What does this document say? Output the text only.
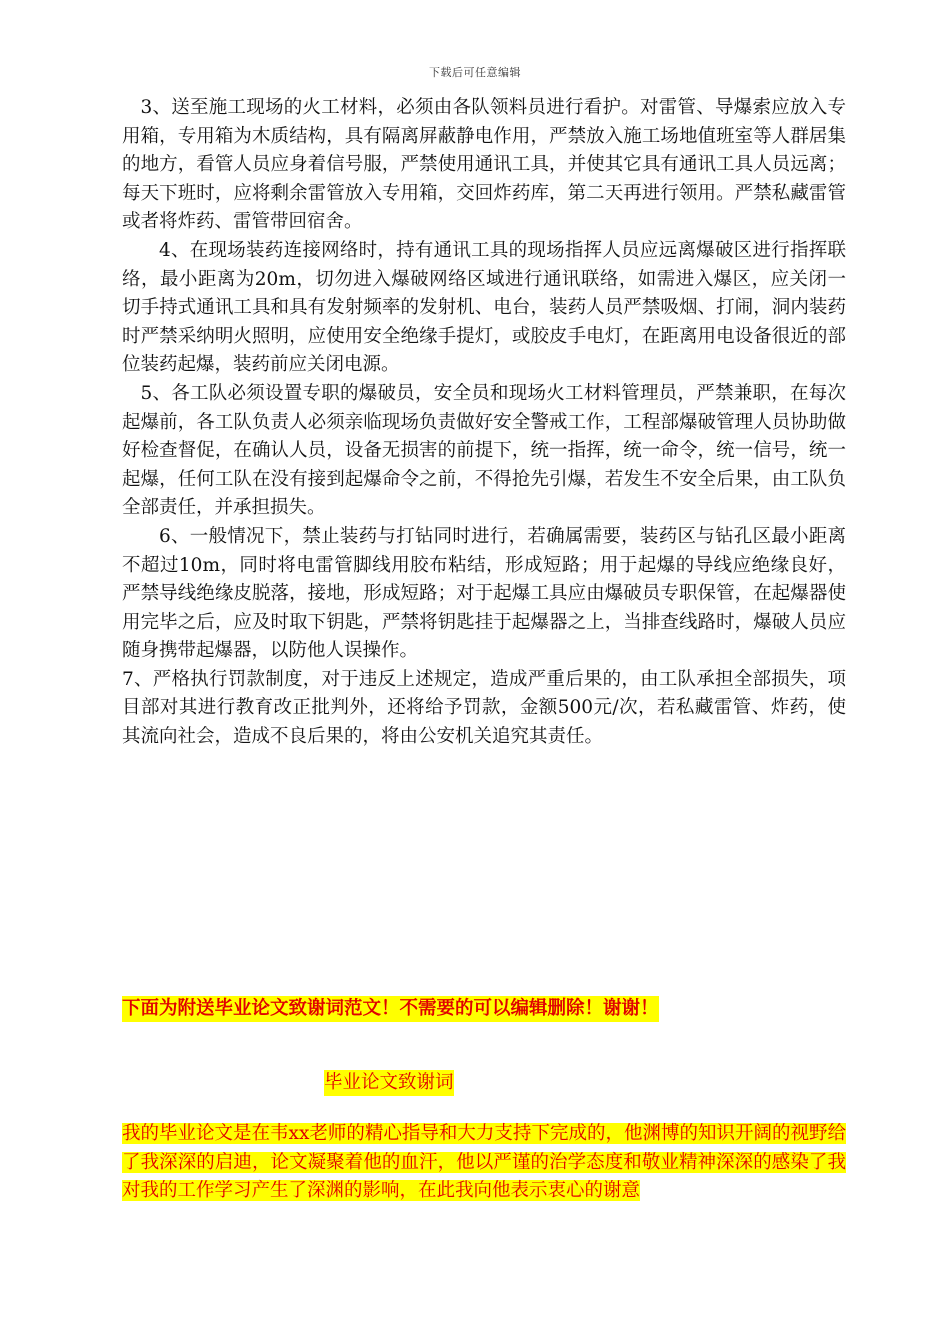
下载后可任意编辑

3、送至施工现场的火工材料，必须由各队领料员进行看护。对雷管、导爆索应放入专用箱，专用箱为木质结构，具有隔离屏蔽静电作用，严禁放入施工场地值班室等人群居集的地方，看管人员应身着信号服，严禁使用通讯工具，并使其它具有通讯工具人员远离；每天下班时，应将剩余雷管放入专用箱，交回炸药库，第二天再进行领用。严禁私藏雷管或者将炸药、雷管带回宿舍。

4、在现场装药连接网络时，持有通讯工具的现场指挥人员应远离爆破区进行指挥联络，最小距离为20m，切勿进入爆破网络区域进行通讯联络，如需进入爆区，应关闭一切手持式通讯工具和具有发射频率的发射机、电台，装药人员严禁吸烟、打闹，洞内装药时严禁采纳明火照明，应使用安全绝缘手提灯，或胶皮手电灯，在距离用电设备很近的部位装药起爆，装药前应关闭电源。

5、各工队必须设置专职的爆破员，安全员和现场火工材料管理员，严禁兼职，在每次起爆前，各工队负责人必须亲临现场负责做好安全警戒工作，工程部爆破管理人员协助做好检查督促，在确认人员，设备无损害的前提下，统一指挥，统一命令，统一信号，统一起爆，任何工队在没有接到起爆命令之前，不得抢先引爆，若发生不安全后果，由工队负全部责任，并承担损失。

6、一般情况下，禁止装药与打钻同时进行，若确属需要，装药区与钻孔区最小距离不超过10m，同时将电雷管脚线用胶布粘结，形成短路；用于起爆的导线应绝缘良好，严禁导线绝缘皮脱落，接地，形成短路；对于起爆工具应由爆破员专职保管，在起爆器使用完毕之后，应及时取下钥匙，严禁将钥匙挂于起爆器之上，当排查线路时，爆破人员应随身携带起爆器，以防他人误操作。

7、严格执行罚款制度，对于违反上述规定，造成严重后果的，由工队承担全部损失，项目部对其进行教育改正批判外，还将给予罚款，金额500元/次，若私藏雷管、炸药，使其流向社会，造成不良后果的，将由公安机关追究其责任。

下面为附送毕业论文致谢词范文！不需要的可以编辑删除！谢谢！
毕业论文致谢词

我的毕业论文是在韦xx老师的精心指导和大力支持下完成的，他渊博的知识开阔的视野给了我深深的启迪，论文凝聚着他的血汗，他以严谨的治学态度和敬业精神深深的感染了我对我的工作学习产生了深渊的影响，在此我向他表示衷心的谢意
